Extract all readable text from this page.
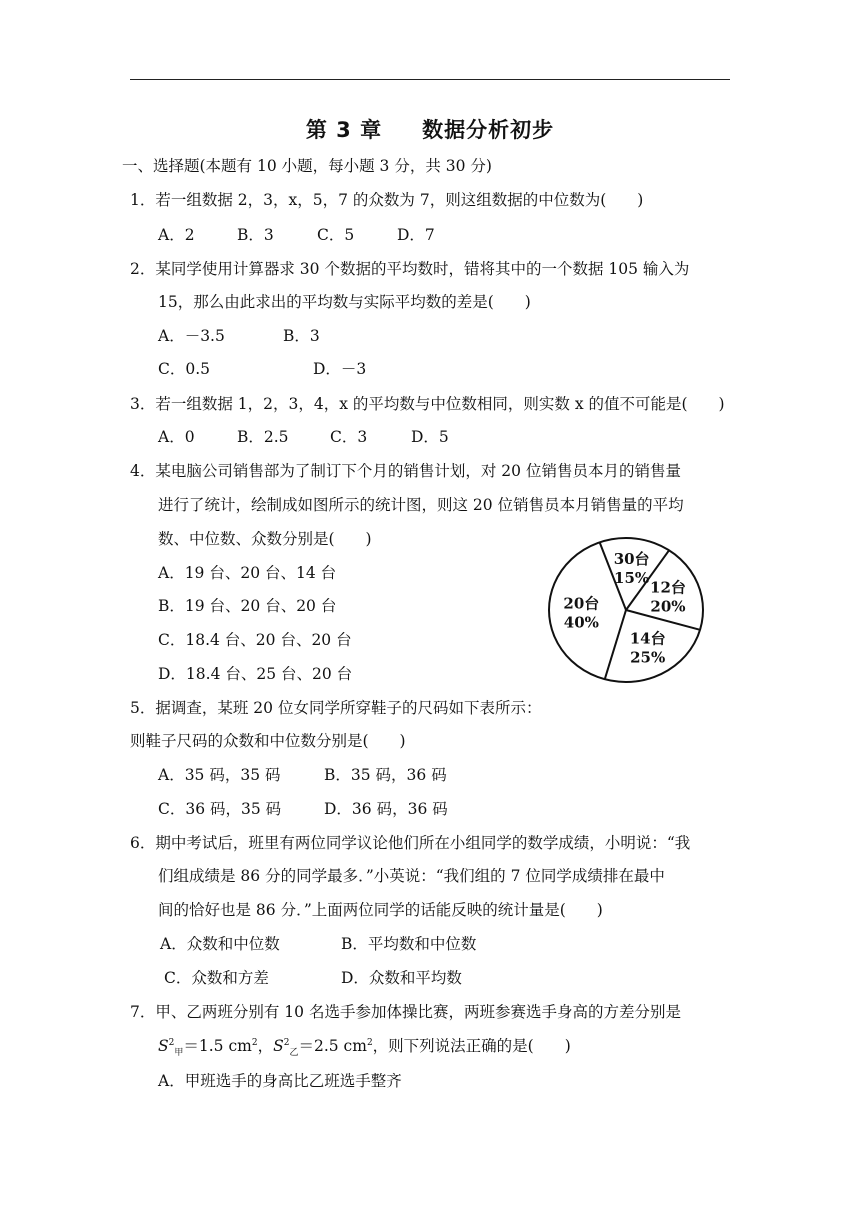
第 3 章 数据分析初步
一、选择题(本题有 10 小题，每小题 3 分，共 30 分)
1．若一组数据 2，3，x，5，7 的众数为 7，则这组数据的中位数为(　　)
A．2	B．3	C．5	D．7
2．某同学使用计算器求 30 个数据的平均数时，错将其中的一个数据 105 输入为
15，那么由此求出的平均数与实际平均数的差是(　　)
A．－3.5	B．3
C．0.5	D．－3
3．若一组数据 1，2，3，4，x 的平均数与中位数相同，则实数 x 的值不可能是(　　)
A．0	B．2.5	C．3	D．5
4．某电脑公司销售部为了制订下个月的销售计划，对 20 位销售员本月的销售量
进行了统计，绘制成如图所示的统计图，则这 20 位销售员本月销售量的平均
数、中位数、众数分别是(　　)
A．19 台、20 台、14 台
B．19 台、20 台、20 台
C．18.4 台、20 台、20 台
D．18.4 台、25 台、20 台
30台
15%
12台
20%
14台
25%
20台
40%
5．据调查，某班 20 位女同学所穿鞋子的尺码如下表所示：
则鞋子尺码的众数和中位数分别是(　　)
A．35 码，35 码	B．35 码，36 码
C．36 码，35 码	D．36 码，36 码
6．期中考试后，班里有两位同学议论他们所在小组同学的数学成绩，小明说：“我
们组成绩是 86 分的同学最多．”小英说：“我们组的 7 位同学成绩排在最中
间的恰好也是 86 分．”上面两位同学的话能反映的统计量是(　　)
A．众数和中位数	B．平均数和中位数
C．众数和方差	D．众数和平均数
7．甲、乙两班分别有 10 名选手参加体操比赛，两班参赛选手身高的方差分别是
$S^2_甲=1.5$ $cm^2$，$S^2_乙=2.5$ $cm^2$，则下列说法正确的是(　　)
A．甲班选手的身高比乙班选手整齐
